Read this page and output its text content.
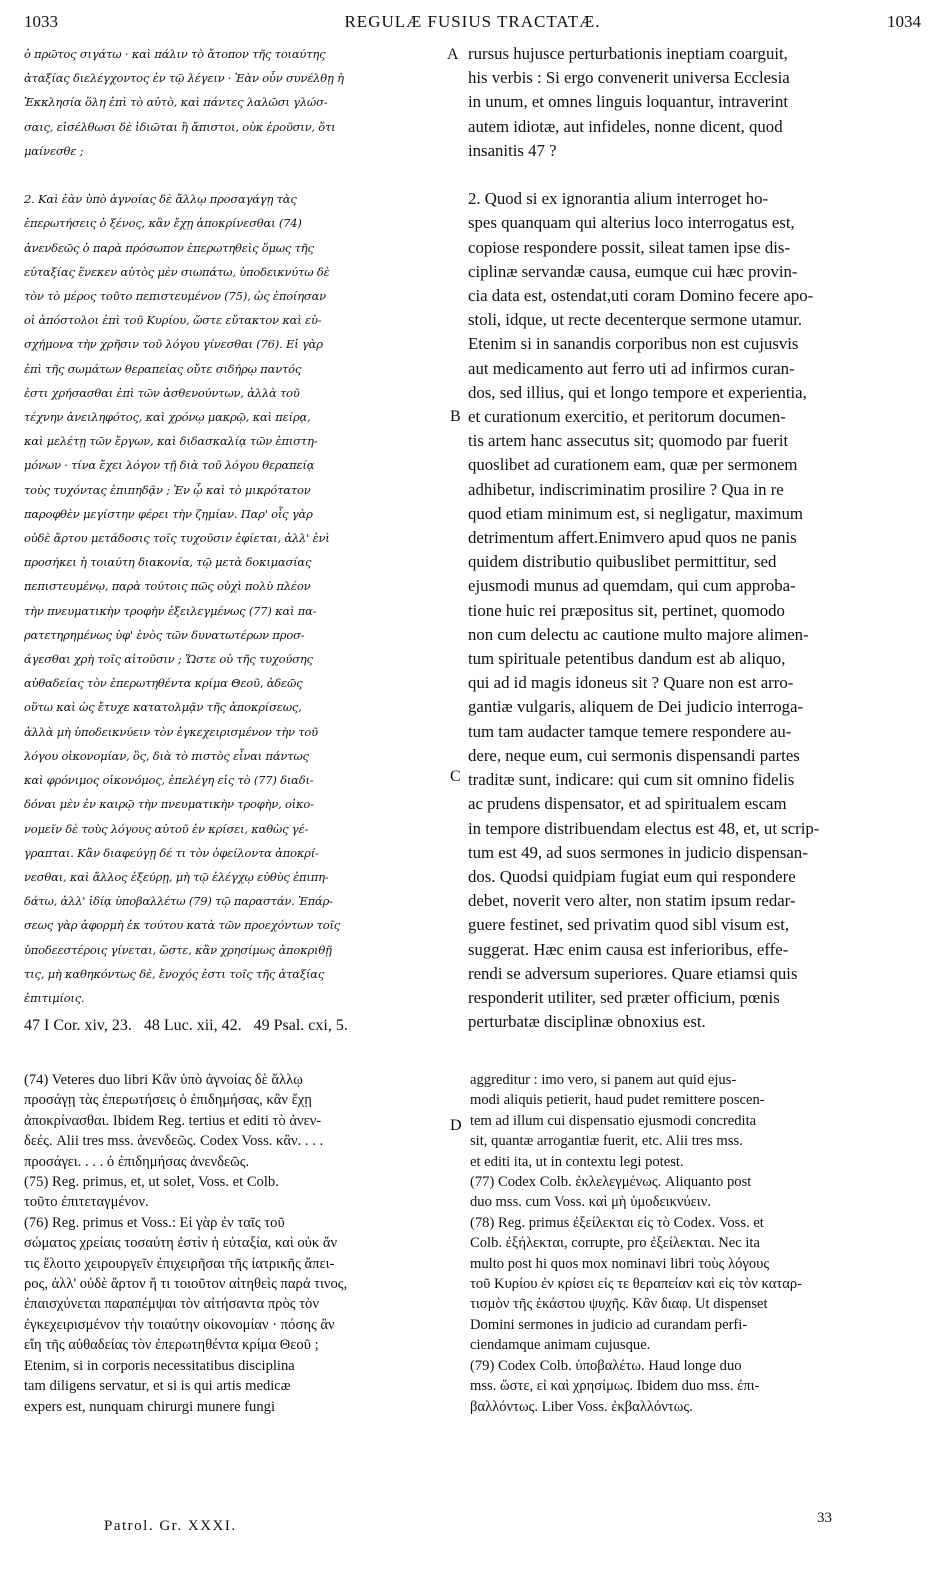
1033	REGULÆ FUSIUS TRACTATÆ.	1034
ὁ πρῶτος σιγάτω · καὶ πάλιν τὸ ἄτοπον τῆς τοιαύτης
ἀταξίας διελέγχοντος ἐν τῷ λέγειν · Ἐὰν οὖν συνέλθῃ ἡ
Ἐκκλησία ὅλη ἐπὶ τὸ αὐτὸ, καὶ πάντες λαλῶσι γλώσ-
σαις, εἰσέλθωσι δὲ ἰδιῶται ἢ ἄπιστοι, οὐκ ἐροῦσιν, ὅτι
μαίνεσθε ;

2. Καὶ ἐὰν ὑπὸ ἀγνοίας δὲ ἄλλῳ προσαγάγῃ τὰς
ἐπερωτήσεις ὁ ξένος, κἂν ἔχῃ ἀποκρίνεσθαι (74)
ἀνενδεῶς ὁ παρὰ πρόσωπον ἐπερωτηθεὶς ὅμως τῆς
εὐταξίας ἕνεκεν αὐτὸς μὲν σιωπάτω, ὑποδεικνύτω δὲ
τὸν τὸ μέρος τοῦτο πεπιστευμένον (75), ὡς ἐποίησαν
οἱ ἀπόστολοι ἐπὶ τοῦ Κυρίου, ὥστε εὔτακτον καὶ εὐ-
σχήμονα τὴν χρῆσιν τοῦ λόγου γίνεσθαι (76). Εἰ γὰρ
ἐπὶ τῆς σωμάτων θεραπείας οὔτε σιδήρῳ παντός
ἐστι χρήσασθαι ἐπὶ τῶν ἀσθενούντων, ἀλλὰ τοῦ
τέχνην ἀνειληφότος, καὶ χρόνῳ μακρῷ, καὶ πείρᾳ,
καὶ μελέτῃ τῶν ἔργων, καὶ διδασκαλίᾳ τῶν ἐπιστη-
μόνων · τίνα ἔχει λόγον τῇ διὰ τοῦ λόγου θεραπείᾳ
τοὺς τυχόντας ἐπιπηδᾷν ; Ἐν ᾧ καὶ τὸ μικρότατον
παροφθὲν μεγίστην φέρει τὴν ζημίαν. Παρ' οἷς γὰρ
οὐδὲ ἄρτου μετάδοσις τοῖς τυχοῦσιν ἐφίεται, ἀλλ' ἑνὶ
προσήκει ἡ τοιαύτη διακονία, τῷ μετὰ δοκιμασίας
πεπιστευμένῳ, παρὰ τούτοις πῶς οὐχὶ πολὺ πλέον
τὴν πνευματικὴν τροφὴν ἐξειλεγμένως (77) καὶ πα-
ρατετηρημένως ὑφ' ἑνὸς τῶν δυνατωτέρων προσ-
άγεσθαι χρὴ τοῖς αἰτοῦσιν ; Ὥστε οὐ τῆς τυχούσης
αὐθαδείας τὸν ἐπερωτηθέντα κρίμα Θεοῦ, ἀδεῶς
οὕτω καὶ ὡς ἔτυχε κατατολμᾷν τῆς ἀποκρίσεως,
ἀλλὰ μὴ ὑποδεικνύειν τὸν ἐγκεχειρισμένον τὴν τοῦ
λόγου οἰκονομίαν, ὃς, διὰ τὸ πιστὸς εἶναι πάντως
καὶ φρόνιμος οἰκονόμος, ἐπελέγη εἰς τὸ (77) διαδι-
δόναι μὲν ἐν καιρῷ τὴν πνευματικὴν τροφὴν, οἰκο-
νομεῖν δὲ τοὺς λόγους αὐτοῦ ἐν κρίσει, καθὼς γέ-
γραπται. Κἂν διαφεύγῃ δέ τι τὸν ὀφείλοντα ἀποκρί-
νεσθαι, καὶ ἄλλος ἐξεύρῃ, μὴ τῷ ἐλέγχῳ εὐθὺς ἐπιπη-
δάτω, ἀλλ' ἰδίᾳ ὑποβαλλέτω (79) τῷ παραστάν. Ἐπάρ-
σεως γὰρ ἀφορμὴ ἐκ τούτου κατὰ τῶν προεχόντων τοῖς
ὑποδεεστέροις γίνεται, ὥστε, κἂν χρησίμως ἀποκριθῇ
τις, μὴ καθηκόντως δὲ, ἔνοχός ἐστι τοῖς τῆς ἀταξίας
ἐπιτιμίοις.
rursus hujusce perturbationis ineptiam coarguit,
his verbis : Si ergo convenerit universa Ecclesia
in unum, et omnes linguis loquantur, intraverint
autem idiotæ, aut infideles, nonne dicent, quod
insanitis 47 ?

2. Quod si ex ignorantia alium interroget ho-
spes quanquam qui alterius loco interrogatus est,
copiose respondere possit, sileat tamen ipse dis-
ciplinæ servandæ causa, eumque cui hæc provin-
cia data est, ostendat,uti coram Domino fecere apo-
stoli, idque, ut recte decenterque sermone utamur.
Etenim si in sanandis corporibus non est cujusvis
aut medicamento aut ferro uti ad infirmos curan-
dos, sed illius, qui et longo tempore et experientia,
et curationum exercitio, et peritorum documen-
tis artem hanc assecutus sit; quomodo par fuerit
quoslibet ad curationem eam, quæ per sermonem
adhibetur, indiscriminatim prosilire ? Qua in re
quod etiam minimum est, si negligatur, maximum
detrimentum affert.Enimvero apud quos ne panis
quidem distributio quibuslibet permittitur, sed
ejusmodi munus ad quemdam, qui cum approba-
tione huic rei præpositus sit, pertinet, quomodo
non cum delectu ac cautione multo majore alimen-
tum spirituale petentibus dandum est ab aliquo,
qui ad id magis idoneus sit ? Quare non est arro-
gantiæ vulgaris, aliquem de Dei judicio interroga-
tum tam audacter tamque temere respondere au-
dere, neque eum, cui sermonis dispensandi partes
traditæ sunt, indicare: qui cum sit omnino fidelis
ac prudens dispensator, et ad spiritualem escam
in tempore distribuendam electus est 48, et, ut scrip-
tum est 49, ad suos sermones in judicio dispensan-
dos. Quodsi quidpiam fugiat eum qui respondere
debet, noverit vero alter, non statim ipsum redar-
guere festinet, sed privatim quod sibl visum est,
suggerat. Hæc enim causa est inferioribus, effe-
rendi se adversum superiores. Quare etiamsi quis
responderit utiliter, sed præter officium, pœnis
perturbatæ disciplinæ obnoxius est.
A
B
C
D
47 I Cor. xiv, 23.   48 Luc. xii, 42.   49 Psal. cxi, 5.
(74) Veteres duo libri Κἂν ὑπὸ ἀγνοίας δὲ ἄλλῳ
προσάγῃ τὰς ἐπερωτήσεις ὁ ἐπιδημήσας, κἂν ἔχῃ
ἀποκρίνασθαι. Ibidem Reg. tertius et editi τὸ ἀνεν-
δεές. Alii tres mss. ἀνενδεῶς. Codex Voss. κἂν. . . .
προσάγει. . . . ὁ ἐπιδημήσας ἀνενδεῶς.
(75) Reg. primus, et, ut solet, Voss. et Colb.
τοῦτο ἐπιτεταγμένον.
(76) Reg. primus et Voss.: Εἰ γὰρ ἐν ταῖς τοῦ
σώματος χρείαις τοσαύτη ἐστὶν ἡ εὐταξία, καὶ οὐκ ἄν
τις ἕλοιτο χειρουργεῖν ἐπιχειρῆσαι τῆς ἰατρικῆς ἄπει-
ρος, ἀλλ' οὐδὲ ἄρτον ἤ τι τοιοῦτον αἰτηθεὶς παρά τινος,
ἐπαισχύνεται παραπέμψαι τὸν αἰτήσαντα πρὸς τὸν
ἐγκεχειρισμένον τὴν τοιαύτην οἰκονομίαν · πόσης ἂν
εἴη τῆς αὐθαδείας τὸν ἐπερωτηθέντα κρίμα Θεοῦ ;
Etenim, si in corporis necessitatibus disciplina
tam diligens servatur, et si is qui artis medicæ
expers est, nunquam chirurgi munere fungi
aggreditur : imo vero, si panem aut quid ejus-
modi aliquis petierit, haud pudet remittere poscen-
tem ad illum cui dispensatio ejusmodi concredita
sit, quantæ arrogantiæ fuerit, etc. Alii tres mss.
et editi ita, ut in contextu legi potest.
(77) Codex Colb. ἐκλελεγμένως. Aliquanto post
duo mss. cum Voss. καὶ μὴ ὑμοδεικνύειν.
(78) Reg. primus ἐξείλεκται εἰς τὸ Codex. Voss. et
Colb. ἐξήλεκται, corrupte, pro ἐξείλεκται. Nec ita
multo post hi quos mox nominavi libri τοὺς λόγους
τοῦ Κυρίου ἐν κρίσει εἰς τε θεραπείαν καὶ εἰς τὸν καταρ-
τισμὸν τῆς ἑκάστου ψυχῆς. Κἂν διαφ. Ut dispenset
Domini sermones in judicio ad curandam perfi-
ciendamque animam cujusque.
(79) Codex Colb. ὑποβαλέτω. Haud longe duo
mss. ὥστε, εἰ καὶ χρησίμως. Ibidem duo mss. ἐπι-
βαλλόντως. Liber Voss. ἐκβαλλόντως.
Patrol. Gr. XXXI.	33
